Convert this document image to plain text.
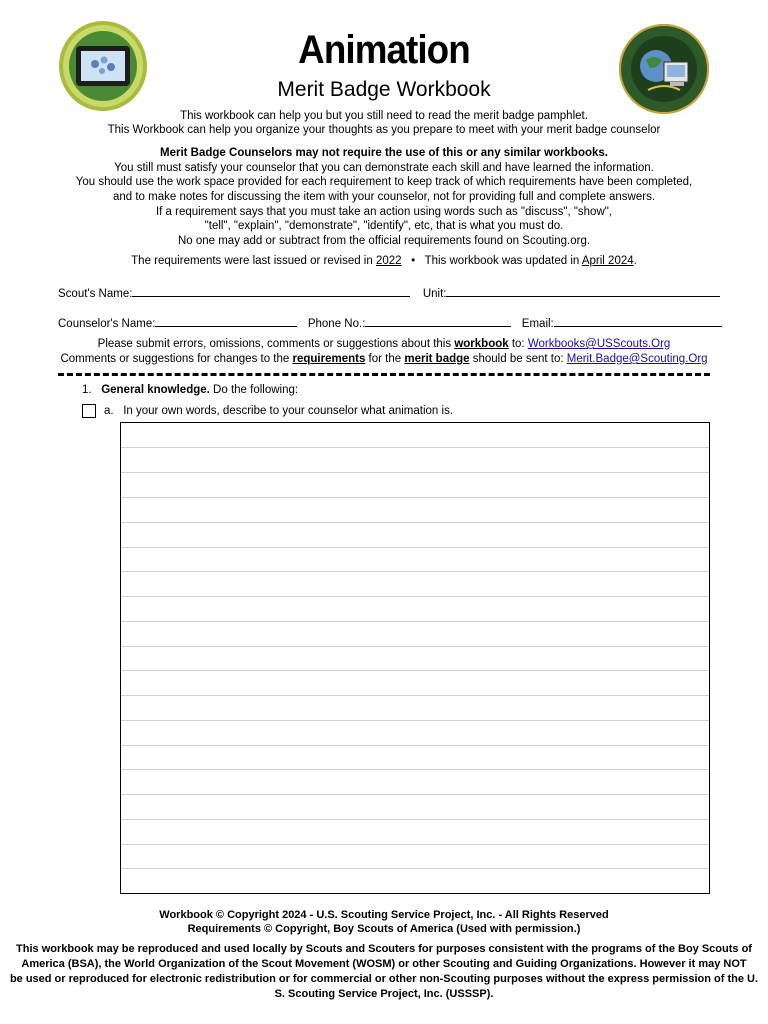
Animation
Merit Badge Workbook
This workbook can help you but you still need to read the merit badge pamphlet.
This Workbook can help you organize your thoughts as you prepare to meet with your merit badge counselor
Merit Badge Counselors may not require the use of this or any similar workbooks.
You still must satisfy your counselor that you can demonstrate each skill and have learned the information.
You should use the work space provided for each requirement to keep track of which requirements have been completed,
and to make notes for discussing the item with your counselor, not for providing full and complete answers.
If a requirement says that you must take an action using words such as "discuss", "show",
"tell", "explain", "demonstrate", "identify", etc, that is what you must do.
No one may add or subtract from the official requirements found on Scouting.org.
The requirements were last issued or revised in 2022 • This workbook was updated in April 2024.
Scout's Name:	Unit:
Counselor's Name:	Phone No.:	Email:
Please submit errors, omissions, comments or suggestions about this workbook to: Workbooks@USScouts.Org
Comments or suggestions for changes to the requirements for the merit badge should be sent to: Merit.Badge@Scouting.Org
1. General knowledge. Do the following:
a. In your own words, describe to your counselor what animation is.
Workbook © Copyright 2024 - U.S. Scouting Service Project, Inc. - All Rights Reserved
Requirements © Copyright, Boy Scouts of America (Used with permission.)
This workbook may be reproduced and used locally by Scouts and Scouters for purposes consistent with the programs of the Boy Scouts of
America (BSA), the World Organization of the Scout Movement (WOSM) or other Scouting and Guiding Organizations. However it may NOT
be used or reproduced for electronic redistribution or for commercial or other non-Scouting purposes without the express permission of the U.
S. Scouting Service Project, Inc. (USSSP).
